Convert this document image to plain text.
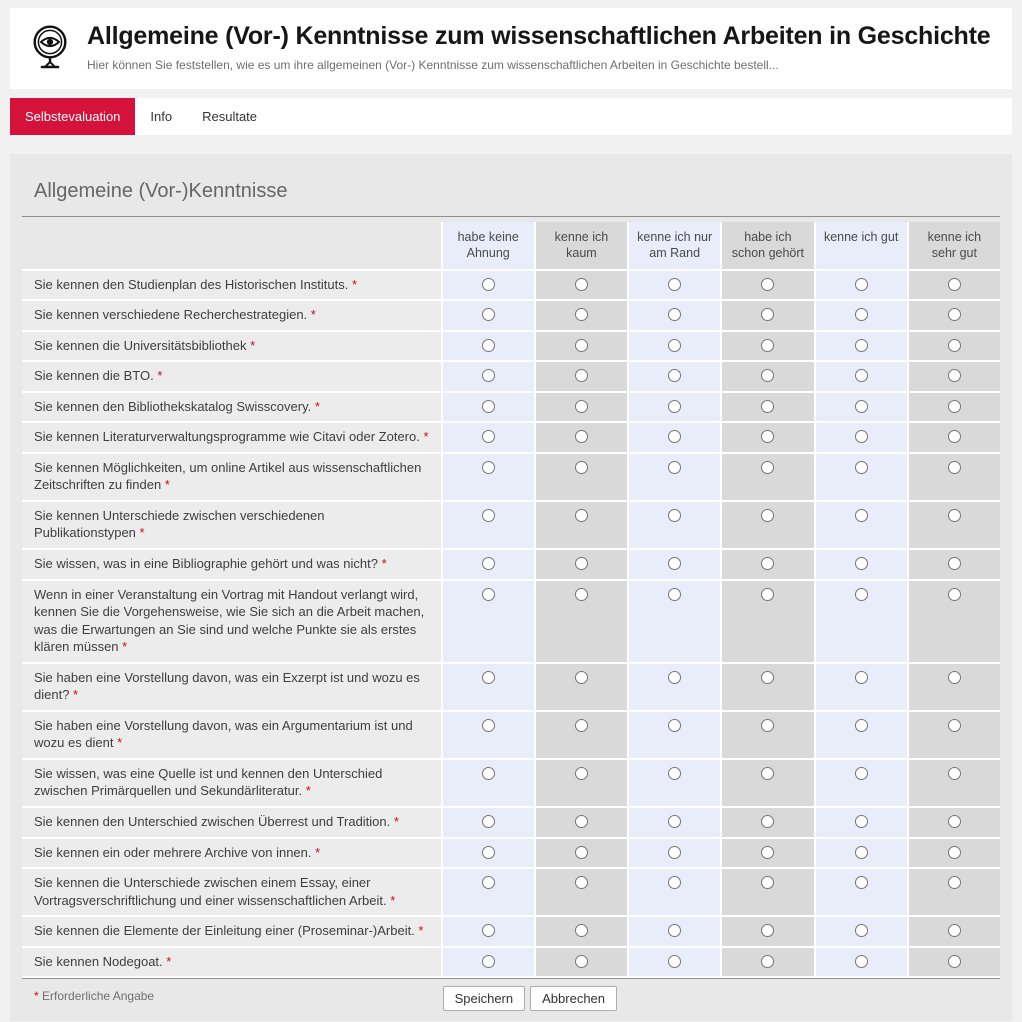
Allgemeine (Vor-) Kenntnisse zum wissenschaftlichen Arbeiten in Geschichte

Hier können Sie feststellen, wie es um ihre allgemeinen (Vor-) Kenntnisse zum wissenschaftlichen Arbeiten in Geschichte bestell...

Selbstevaluation	Info	Resultate
Allgemeine (Vor-)Kenntnisse
	habe keine Ahnung	kenne ich kaum	kenne ich nur am Rand	habe ich schon gehört	kenne ich gut	kenne ich sehr gut
Sie kennen den Studienplan des Historischen Instituts. *						
Sie kennen verschiedene Recherchestrategien. *						
Sie kennen die Universitätsbibliothek *						
Sie kennen die BTO. *						
Sie kennen den Bibliothekskatalog Swisscovery. *						
Sie kennen Literaturverwaltungsprogramme wie Citavi oder Zotero. *						
Sie kennen Möglichkeiten, um online Artikel aus wissenschaftlichen Zeitschriften zu finden *						
Sie kennen Unterschiede zwischen verschiedenen Publikationstypen *						
Sie wissen, was in eine Bibliographie gehört und was nicht? *						
Wenn in einer Veranstaltung ein Vortrag mit Handout verlangt wird, kennen Sie die Vorgehensweise, wie Sie sich an die Arbeit machen, was die Erwartungen an Sie sind und welche Punkte sie als erstes klären müssen *						
Sie haben eine Vorstellung davon, was ein Exzerpt ist und wozu es dient? *						
Sie haben eine Vorstellung davon, was ein Argumentarium ist und wozu es dient *						
Sie wissen, was eine Quelle ist und kennen den Unterschied zwischen Primärquellen und Sekundärliteratur. *						
Sie kennen den Unterschied zwischen Überrest und Tradition. *						
Sie kennen ein oder mehrere Archive von innen. *						
Sie kennen die Unterschiede zwischen einem Essay, einer Vortragsverschriftlichung und einer wissenschaftlichen Arbeit. *						
Sie kennen die Elemente der Einleitung einer (Proseminar-)Arbeit. *						
Sie kennen Nodegoat. *						
* Erforderliche Angabe	Speichern	Abbrechen
